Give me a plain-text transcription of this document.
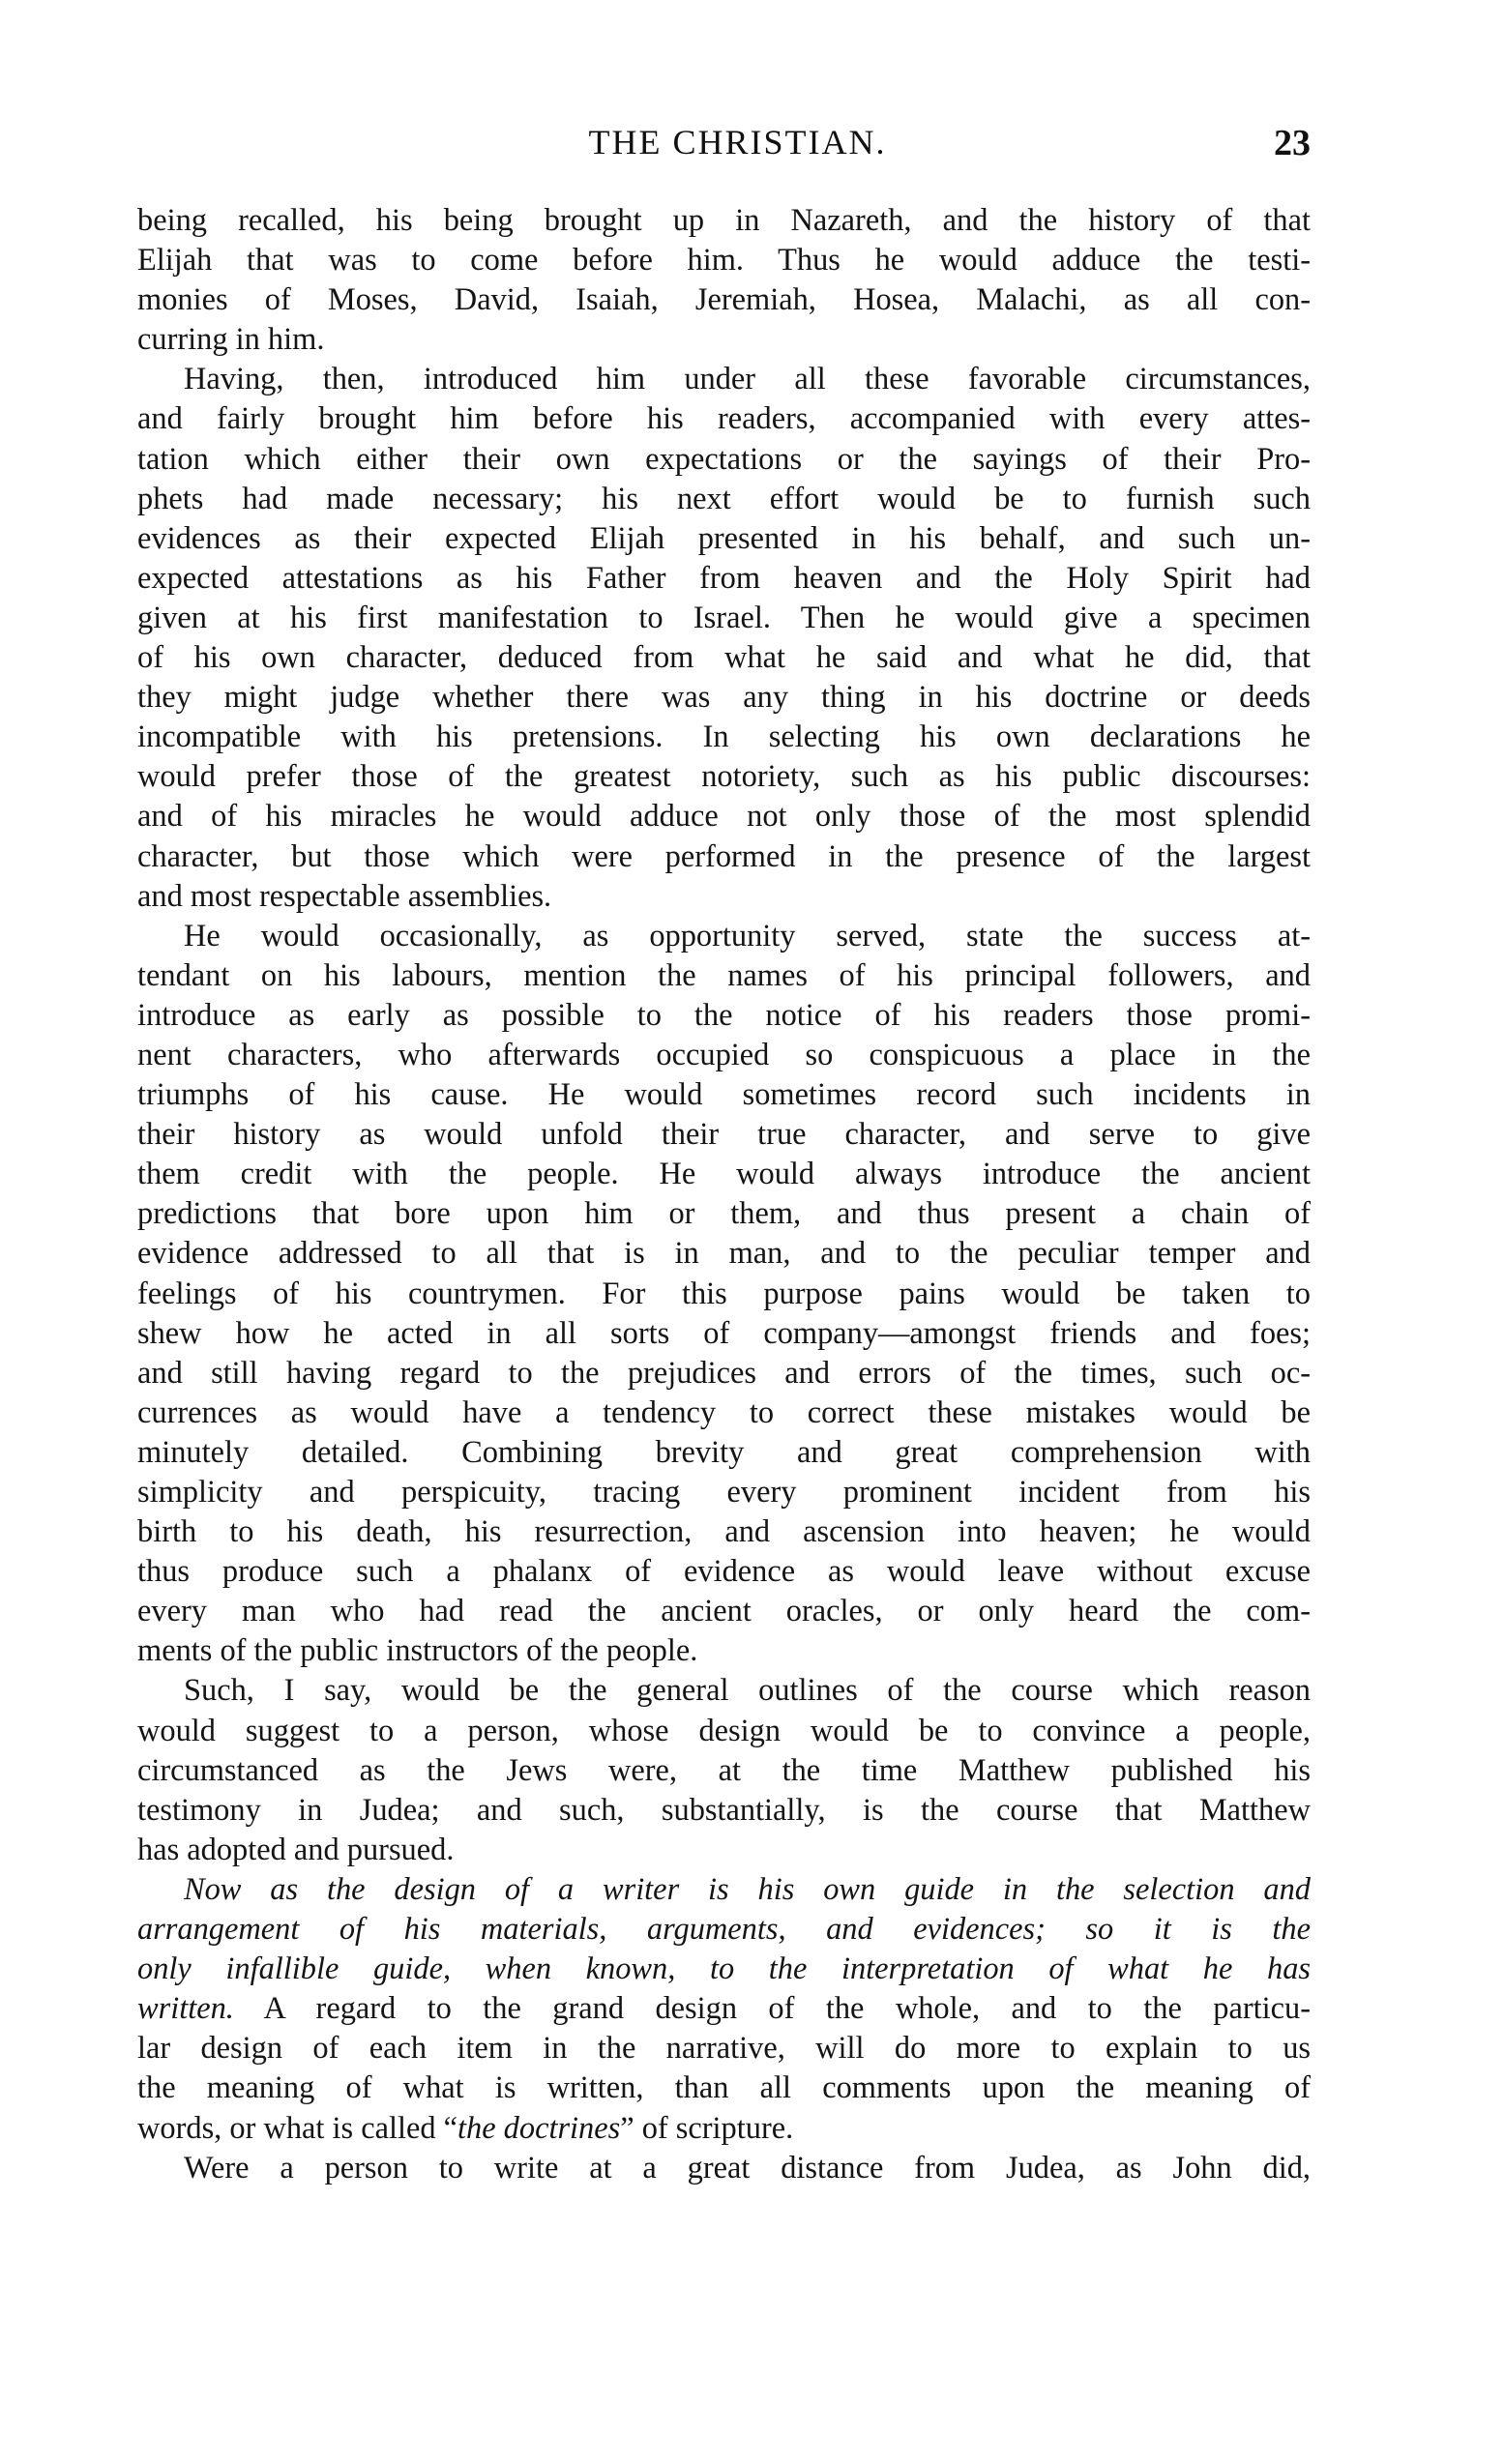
THE CHRISTIAN.	23
being recalled, his being brought up in Nazareth, and the history of that
Elijah that was to come before him. Thus he would adduce the testi-
monies of Moses, David, Isaiah, Jeremiah, Hosea, Malachi, as all con-
curring in him.
Having, then, introduced him under all these favorable circumstances,
and fairly brought him before his readers, accompanied with every attes-
tation which either their own expectations or the sayings of their Pro-
phets had made necessary; his next effort would be to furnish such
evidences as their expected Elijah presented in his behalf, and such un-
expected attestations as his Father from heaven and the Holy Spirit had
given at his first manifestation to Israel. Then he would give a specimen
of his own character, deduced from what he said and what he did, that
they might judge whether there was any thing in his doctrine or deeds
incompatible with his pretensions. In selecting his own declarations he
would prefer those of the greatest notoriety, such as his public discourses:
and of his miracles he would adduce not only those of the most splendid
character, but those which were performed in the presence of the largest
and most respectable assemblies.
He would occasionally, as opportunity served, state the success at-
tendant on his labours, mention the names of his principal followers, and
introduce as early as possible to the notice of his readers those promi-
nent characters, who afterwards occupied so conspicuous a place in the
triumphs of his cause. He would sometimes record such incidents in
their history as would unfold their true character, and serve to give
them credit with the people. He would always introduce the ancient
predictions that bore upon him or them, and thus present a chain of
evidence addressed to all that is in man, and to the peculiar temper and
feelings of his countrymen. For this purpose pains would be taken to
shew how he acted in all sorts of company—amongst friends and foes;
and still having regard to the prejudices and errors of the times, such oc-
currences as would have a tendency to correct these mistakes would be
minutely detailed. Combining brevity and great comprehension with
simplicity and perspicuity, tracing every prominent incident from his
birth to his death, his resurrection, and ascension into heaven; he would
thus produce such a phalanx of evidence as would leave without excuse
every man who had read the ancient oracles, or only heard the com-
ments of the public instructors of the people.
Such, I say, would be the general outlines of the course which reason
would suggest to a person, whose design would be to convince a people,
circumstanced as the Jews were, at the time Matthew published his
testimony in Judea; and such, substantially, is the course that Matthew
has adopted and pursued.
Now as the design of a writer is his own guide in the selection and
arrangement of his materials, arguments, and evidences; so it is the
only infallible guide, when known, to the interpretation of what he has
written. A regard to the grand design of the whole, and to the particu-
lar design of each item in the narrative, will do more to explain to us
the meaning of what is written, than all comments upon the meaning of
words, or what is called “the doctrines” of scripture.
Were a person to write at a great distance from Judea, as John did,
